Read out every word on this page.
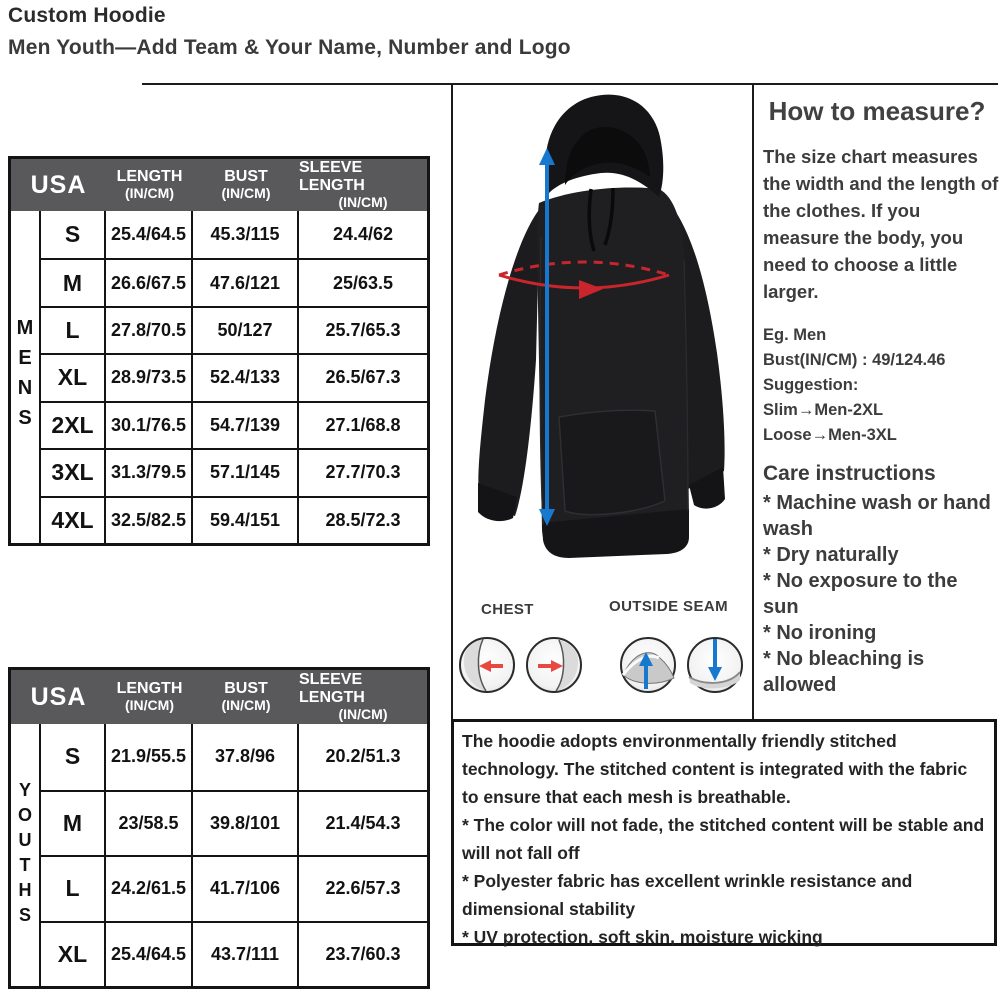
Custom Hoodie
Men Youth—Add Team & Your Name, Number and Logo
USA	LENGTH
(IN/CM)
BUST
(IN/CM)
SLEEVE LENGTH
(IN/CM)
MENS
S	25.4/64.5	45.3/115	24.4/62
M	26.6/67.5	47.6/121	25/63.5
L	27.8/70.5	50/127	25.7/65.3
XL	28.9/73.5	52.4/133	26.5/67.3
2XL 30.1/76.5	54.7/139	27.1/68.8
3XL 31.3/79.5	57.1/145	27.7/70.3
4XL 32.5/82.5	59.4/151	28.5/72.3
USA	LENGTH
(IN/CM)
BUST
(IN/CM)
SLEEVE LENGTH
(IN/CM)
YOUTHS
S	21.9/55.5	37.8/96	20.2/51.3
M	23/58.5	39.8/101	21.4/54.3
L	24.2/61.5	41.7/106	22.6/57.3
XL	25.4/64.5	43.7/111	23.7/60.3
CHEST	OUTSIDE SEAM
How to measure?
The size chart measures the width and the length of the clothes. If you measure the body, you need to choose a little larger.
Eg. Men
Bust(IN/CM) : 49/124.46
Suggestion:
Slim→Men-2XL
Loose→Men-3XL
Care instructions
* Machine wash or hand wash
* Dry naturally
* No exposure to the sun
* No ironing
* No bleaching is allowed

The hoodie adopts environmentally friendly stitched technology. The stitched content is integrated with the fabric to ensure that each mesh is breathable.

* The color will not fade, the stitched content will be stable and will not fall off

* Polyester fabric has excellent wrinkle resistance and dimensional stability

* UV protection, soft skin, moisture wicking
